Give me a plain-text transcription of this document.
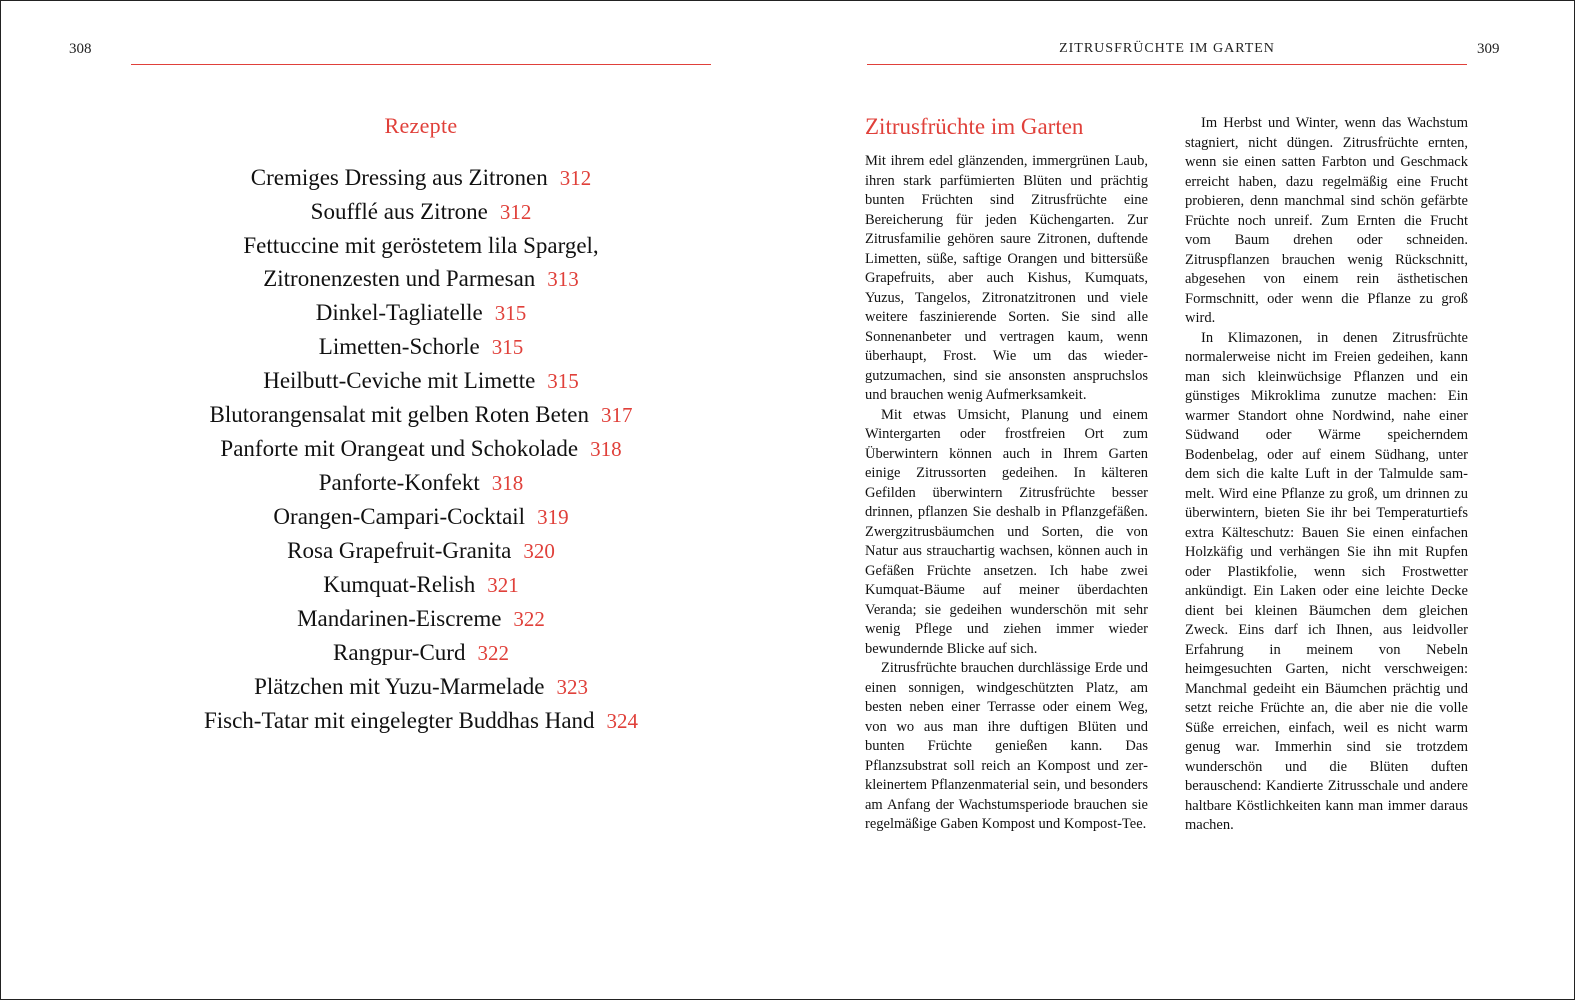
308
Rezepte
Cremiges Dressing aus Zitronen 312
Soufflé aus Zitrone 312
Fettuccine mit geröstetem lila Spargel,
Zitronenzesten und Parmesan 313
Dinkel-Tagliatelle 315
Limetten-Schorle 315
Heilbutt-Ceviche mit Limette 315
Blutorangensalat mit gelben Roten Beten 317
Panforte mit Orangeat und Schokolade 318
Panforte-Konfekt 318
Orangen-Campari-Cocktail 319
Rosa Grapefruit-Granita 320
Kumquat-Relish 321
Mandarinen-Eiscreme 322
Rangpur-Curd 322
Plätzchen mit Yuzu-Marmelade 323
Fisch-Tatar mit eingelegter Buddhas Hand 324
ZITRUSFRÜCHTE IM GARTEN	309
Zitrusfrüchte im Garten

Mit ihrem edel glänzenden, immergrünen Laub, ihren stark parfümierten Blüten und prächtig bunten Früchten sind Zitrusfrüchte eine Bereicherung für jeden Küchengarten. Zur Zitrusfamilie gehören saure Zitronen, duftende Limetten, süße, saftige Orangen und bittersüße Grapefruits, aber auch Kishus, Kumquats, Yuzus, Tangelos, Zitronatzitronen und viele weitere faszinierende Sorten. Sie sind alle Sonnenanbeter und vertragen kaum, wenn überhaupt, Frost. Wie um das wiedergutzumachen, sind sie ansonsten anspruchslos und brauchen wenig Aufmerksamkeit.

Mit etwas Umsicht, Planung und einem Wintergarten oder frostfreien Ort zum Überwintern können auch in Ihrem Garten einige Zitrussorten gedeihen. In kälteren Gefilden überwintern Zitrusfrüchte besser drinnen, pflanzen Sie deshalb in Pflanzgefäßen. Zwergzitrusbäumchen und Sorten, die von Natur aus strauchartig wachsen, können auch in Gefäßen Früchte ansetzen. Ich habe zwei Kumquat-Bäume auf meiner überdachten Veranda; sie gedeihen wunderschön mit sehr wenig Pflege und ziehen immer wieder bewundernde Blicke auf sich.

Zitrusfrüchte brauchen durchlässige Erde und einen sonnigen, windgeschützten Platz, am besten neben einer Terrasse oder einem Weg, von wo aus man ihre duftigen Blüten und bunten Früchte genießen kann. Das Pflanzsubstrat soll reich an Kompost und zerkleinertem Pflanzenmaterial sein, und besonders am Anfang der Wachstumsperiode brauchen sie regelmäßige Gaben Kompost und Kompost-Tee.

Im Herbst und Winter, wenn das Wachstum stagniert, nicht düngen. Zitrusfrüchte ernten, wenn sie einen satten Farbton und Geschmack erreicht haben, dazu regelmäßig eine Frucht probieren, denn manchmal sind schön gefärbte Früchte noch unreif. Zum Ernten die Frucht vom Baum drehen oder schneiden. Zitruspflanzen brauchen wenig Rückschnitt, abgesehen von einem rein ästhetischen Formschnitt, oder wenn die Pflanze zu groß wird.

In Klimazonen, in denen Zitrusfrüchte normalerweise nicht im Freien gedeihen, kann man sich kleinwüchsige Pflanzen und ein günstiges Mikroklima zunutze machen: Ein warmer Standort ohne Nordwind, nahe einer Südwand oder Wärme speicherndem Bodenbelag, oder auf einem Südhang, unter dem sich die kalte Luft in der Talmulde sammelt. Wird eine Pflanze zu groß, um drinnen zu überwintern, bieten Sie ihr bei Temperaturtiefs extra Kälteschutz: Bauen Sie einen einfachen Holzkäfig und verhängen Sie ihn mit Rupfen oder Plastikfolie, wenn sich Frostwetter ankündigt. Ein Laken oder eine leichte Decke dient bei kleinen Bäumchen dem gleichen Zweck. Eins darf ich Ihnen, aus leidvoller Erfahrung in meinem von Nebeln heimgesuchten Garten, nicht verschweigen: Manchmal gedeiht ein Bäumchen prächtig und setzt reiche Früchte an, die aber nie die volle Süße erreichen, einfach, weil es nicht warm genug war. Immerhin sind sie trotzdem wunderschön und die Blüten duften berauschend: Kandierte Zitrusschale und andere haltbare Köstlichkeiten kann man immer daraus machen.
